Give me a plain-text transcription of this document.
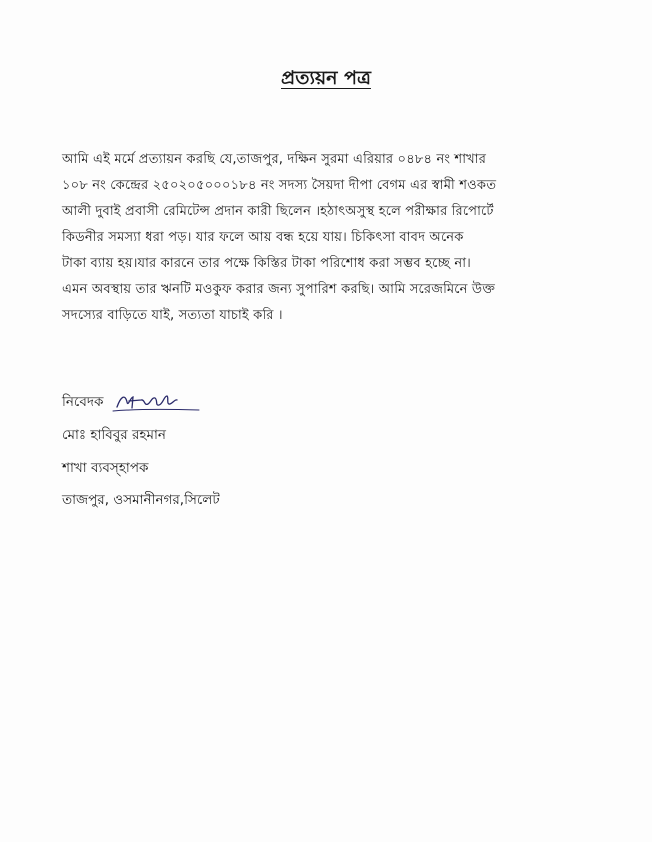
প্রত্যয়ন পত্র

আমি এই মর্মে প্রত্যায়ন করছি যে,তাজপুর, দক্ষিন সুরমা এরিয়ার ০৪৮৪ নং শাখার
১০৮ নং কেন্দ্রের ২৫০২০৫০০০১৮৪ নং সদস্য সৈয়দা দীপা বেগম এর স্বামী শওকত
আলী দুবাই প্রবাসী রেমিটেন্স প্রদান কারী ছিলেন ।হঠাৎঅসুস্থ হলে পরীক্ষার রিপোর্টে
কিডনীর সমস্যা ধরা পড়। যার ফলে আয় বন্ধ হয়ে যায়। চিকিৎসা বাবদ অনেক
টাকা ব্যায় হয়।যার কারনে তার পক্ষে কিস্তির টাকা পরিশোধ করা সম্ভব হচ্ছে না।
এমন অবস্থায় তার ঋনটি মওকুফ করার জন্য সুপারিশ করছি। আমি সরেজমিনে উক্ত
সদস্যের বাড়িতে যাই, সত্যতা যাচাই করি ।

নিবেদক
মোঃ হাবিবুর রহমান
শাখা ব্যবস্হাপক
তাজপুর, ওসমানীনগর,সিলেট
